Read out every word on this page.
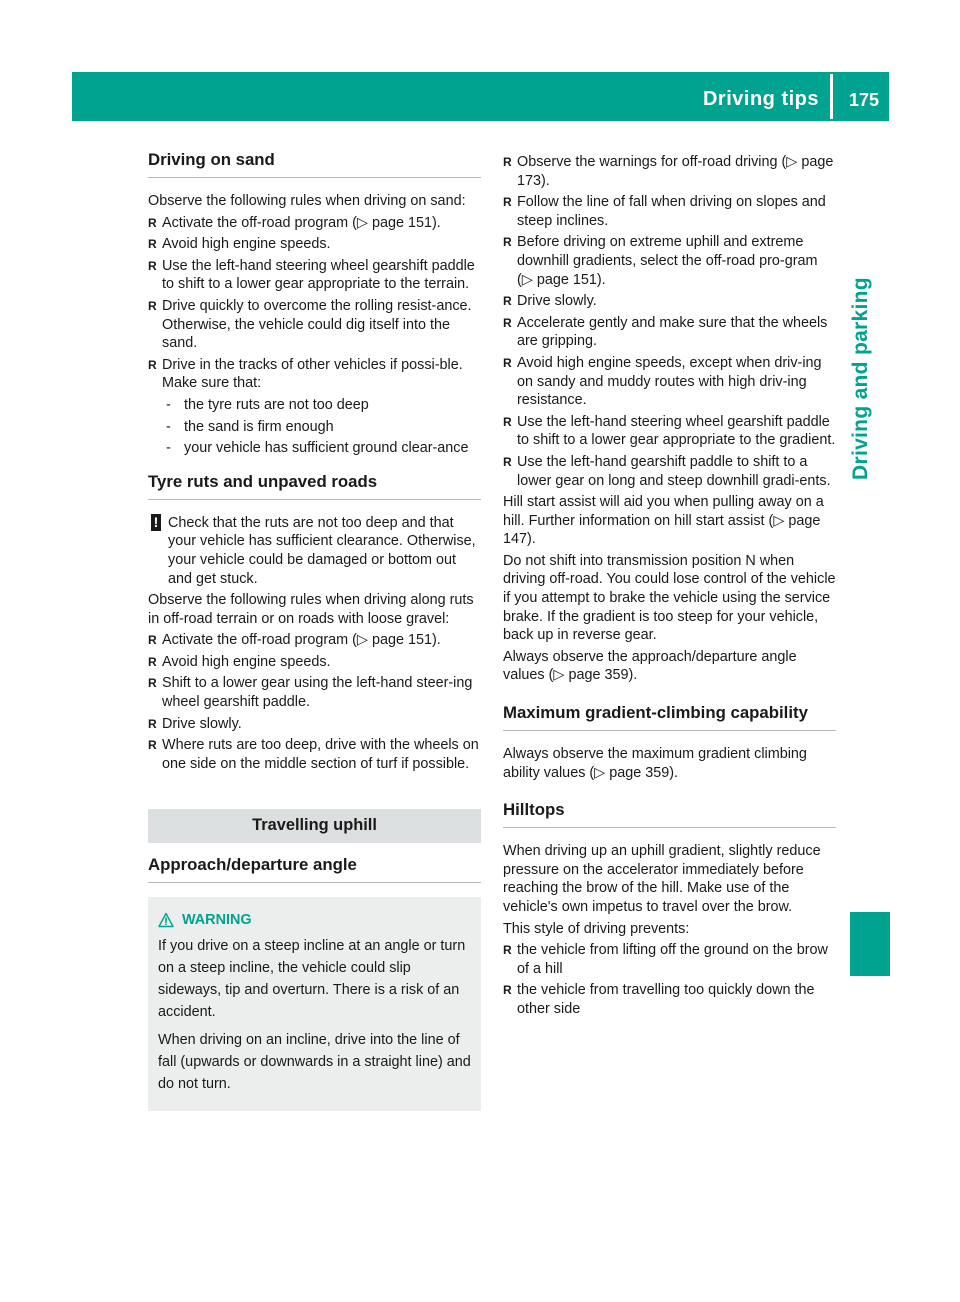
Driving tips 175
Driving and parking
Driving on sand

Observe the following rules when driving on sand:

R Activate the off-road program (▷ page 151).
R Avoid high engine speeds.
R Use the left-hand steering wheel gearshift paddle to shift to a lower gear appropriate to the terrain.
R Drive quickly to overcome the rolling resist-ance. Otherwise, the vehicle could dig itself into the sand.
R Drive in the tracks of other vehicles if possi-ble. Make sure that:
- the tyre ruts are not too deep
- the sand is firm enough
- your vehicle has sufficient ground clear-ance
Tyre ruts and unpaved roads
! Check that the ruts are not too deep and that your vehicle has sufficient clearance. Otherwise, your vehicle could be damaged or bottom out and get stuck.

Observe the following rules when driving along ruts in off-road terrain or on roads with loose gravel:

R Activate the off-road program (▷ page 151).
R Avoid high engine speeds.
R Shift to a lower gear using the left-hand steer-ing wheel gearshift paddle.
R Drive slowly.
R Where ruts are too deep, drive with the wheels on one side on the middle section of turf if possible.
Travelling uphill
Approach/departure angle
WARNING

If you drive on a steep incline at an angle or turn on a steep incline, the vehicle could slip sideways, tip and overturn. There is a risk of an accident.

When driving on an incline, drive into the line of fall (upwards or downwards in a straight line) and do not turn.

R Observe the warnings for off-road driving (▷ page 173).
R Follow the line of fall when driving on slopes and steep inclines.
R Before driving on extreme uphill and extreme downhill gradients, select the off-road pro-gram (▷ page 151).
R Drive slowly.
R Accelerate gently and make sure that the wheels are gripping.
R Avoid high engine speeds, except when driv-ing on sandy and muddy routes with high driv-ing resistance.
R Use the left-hand steering wheel gearshift paddle to shift to a lower gear appropriate to the gradient.
R Use the left-hand gearshift paddle to shift to a lower gear on long and steep downhill gradi-ents.

Hill start assist will aid you when pulling away on a hill. Further information on hill start assist (▷ page 147).

Do not shift into transmission position N when driving off-road. You could lose control of the vehicle if you attempt to brake the vehicle using the service brake. If the gradient is too steep for your vehicle, back up in reverse gear.

Always observe the approach/departure angle values (▷ page 359).

Maximum gradient-climbing capability

Always observe the maximum gradient climbing ability values (▷ page 359).

Hilltops

When driving up an uphill gradient, slightly reduce pressure on the accelerator immediately before reaching the brow of the hill. Make use of the vehicle's own impetus to travel over the brow.

This style of driving prevents:

R the vehicle from lifting off the ground on the brow of a hill
R the vehicle from travelling too quickly down the other side
